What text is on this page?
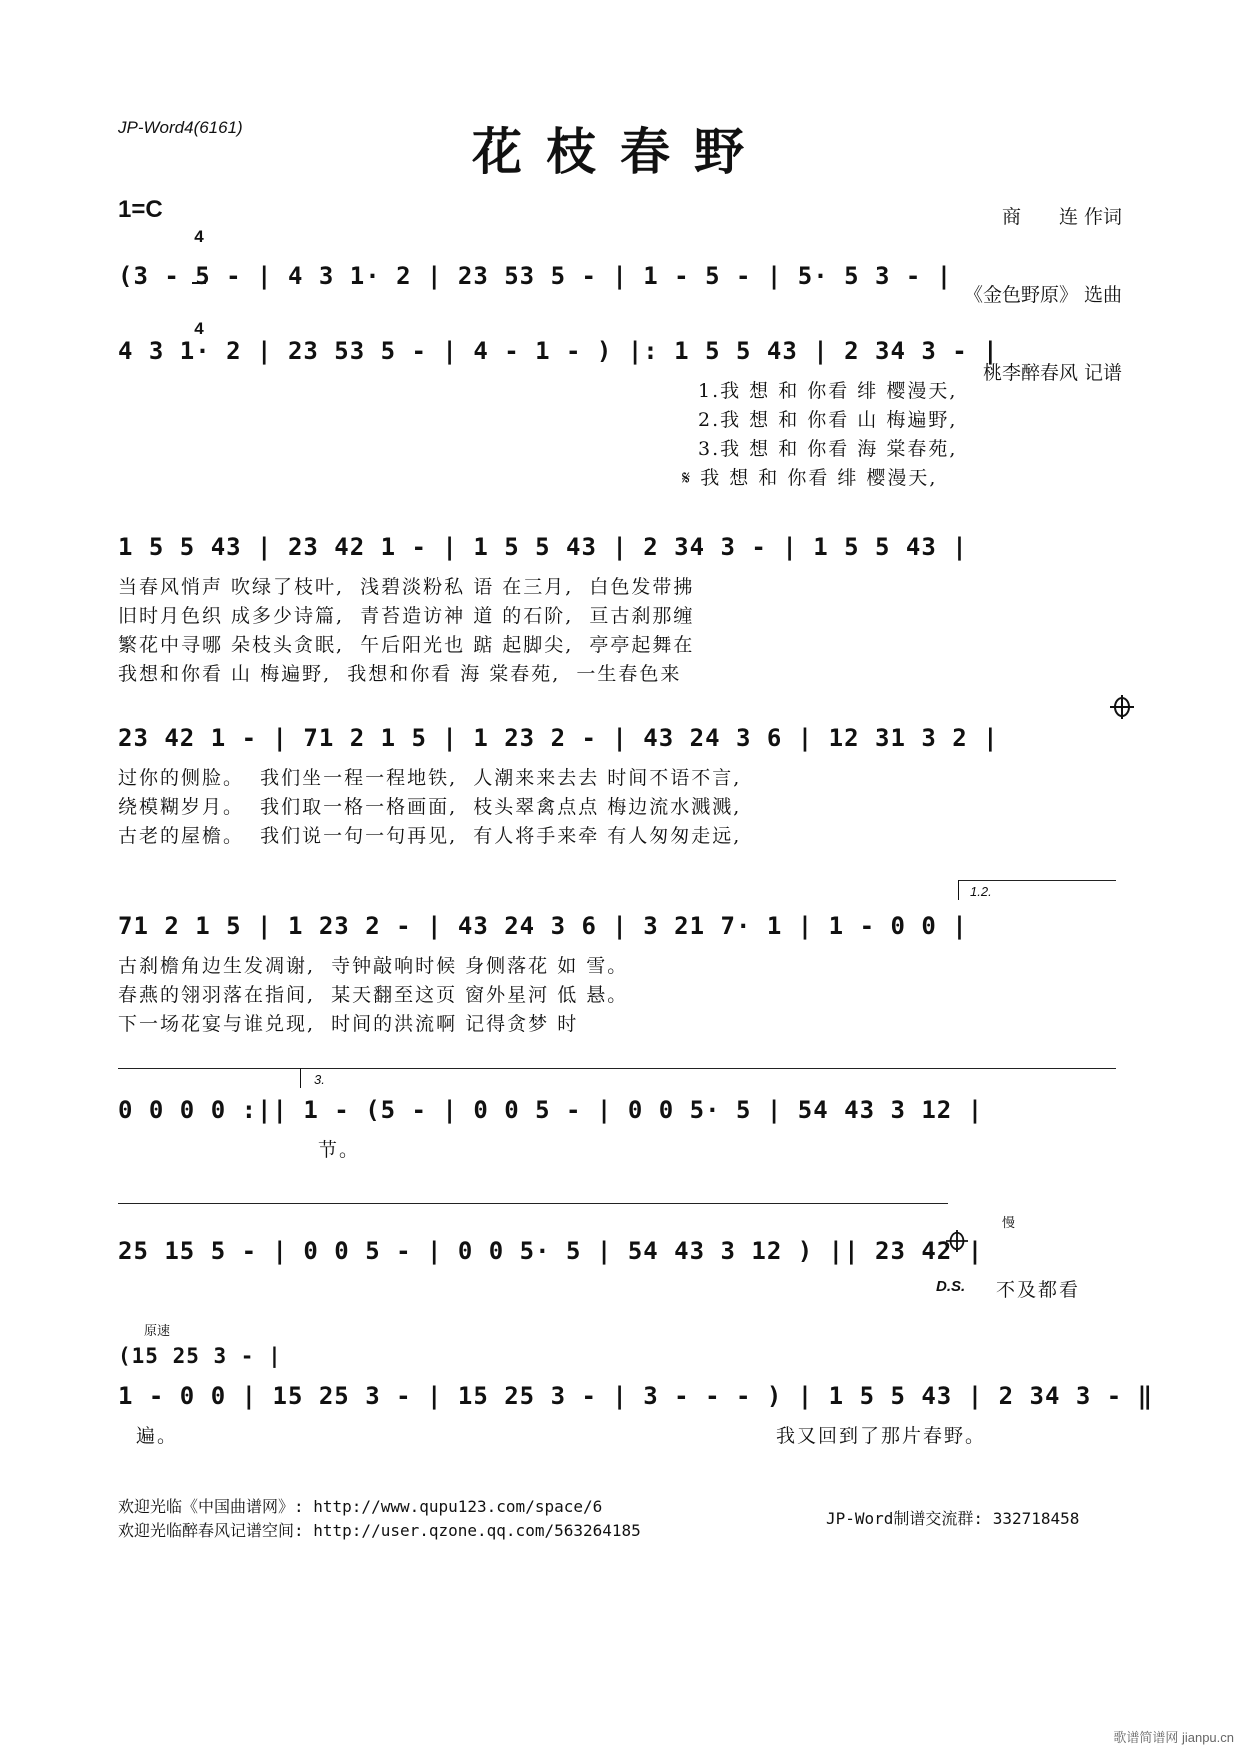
JP-Word4(6161)	花枝春野

商　　连 作词

《金色野原》 选曲

桃李醉春风 记谱

1=C

4

4

(3 - 5 - | 4 3 1· 2 | 23 53 5 - | 1 - 5 - | 5· 5 3 - |
4 3 1· 2 | 23 53 5 - | 4 - 1 - ) |: 1 5 5 43 | 2 34 3 - |
1.我 想 和 你看 绯 樱漫天,
2.我 想 和 你看 山 梅遍野,
3.我 想 和 你看 海 棠春苑,
𝄋 我 想 和 你看 绯 樱漫天,
1 5 5 43 | 23 42 1 - | 1 5 5 43 | 2 34 3 - | 1 5 5 43 |
当春风悄声 吹绿了枝叶,  浅碧淡粉私 语 在三月,  白色发带拂
旧时月色织 成多少诗篇,  青苔造访神 道 的石阶,  亘古刹那缠
繁花中寻哪 朵枝头贪眠,  午后阳光也 踮 起脚尖,  亭亭起舞在
我想和你看 山 梅遍野,  我想和你看 海 棠春苑,  一生春色来

23 42 1 - | 71 2 1 5 | 1 23 2 - | 43 24 3 6 | 12 31 3 2 |
过你的侧脸。  我们坐一程一程地铁,  人潮来来去去 时间不语不言,
绕模糊岁月。  我们取一格一格画面,  枝头翠禽点点 梅边流水溅溅,
古老的屋檐。  我们说一句一句再见,  有人将手来牵 有人匆匆走远,
1.2.
71 2 1 5 | 1 23 2 - | 43 24 3 6 | 3 21 7· 1 | 1 - 0 0 |
古刹檐角边生发凋谢,  寺钟敲响时候 身侧落花 如 雪。
春燕的翎羽落在指间,  某天翻至这页 窗外星河 低 悬。
下一场花宴与谁兑现,  时间的洪流啊 记得贪梦 时
3.
0 0 0 0 :|| 1 - (5 - | 0 0 5 - | 0 0 5· 5 | 54 43 3 12 |
节。

慢
25 15 5 - | 0 0 5 - | 0 0 5· 5 | 54 43 3 12 ) || 23 42 |
D.S. 不及都看
原速
(15 25 3 - |
1 - 0 0 | 15 25 3 - | 15 25 3 - | 3 - - - ) | 1 5 5 43 | 2 34 3 - ‖
遍。	我又回到了那片春野。
欢迎光临《中国曲谱网》: http://www.qupu123.com/space/6
欢迎光临醉春风记谱空间: http://user.qzone.qq.com/563264185
JP-Word制谱交流群: 332718458
歌谱简谱网 jianpu.cn
